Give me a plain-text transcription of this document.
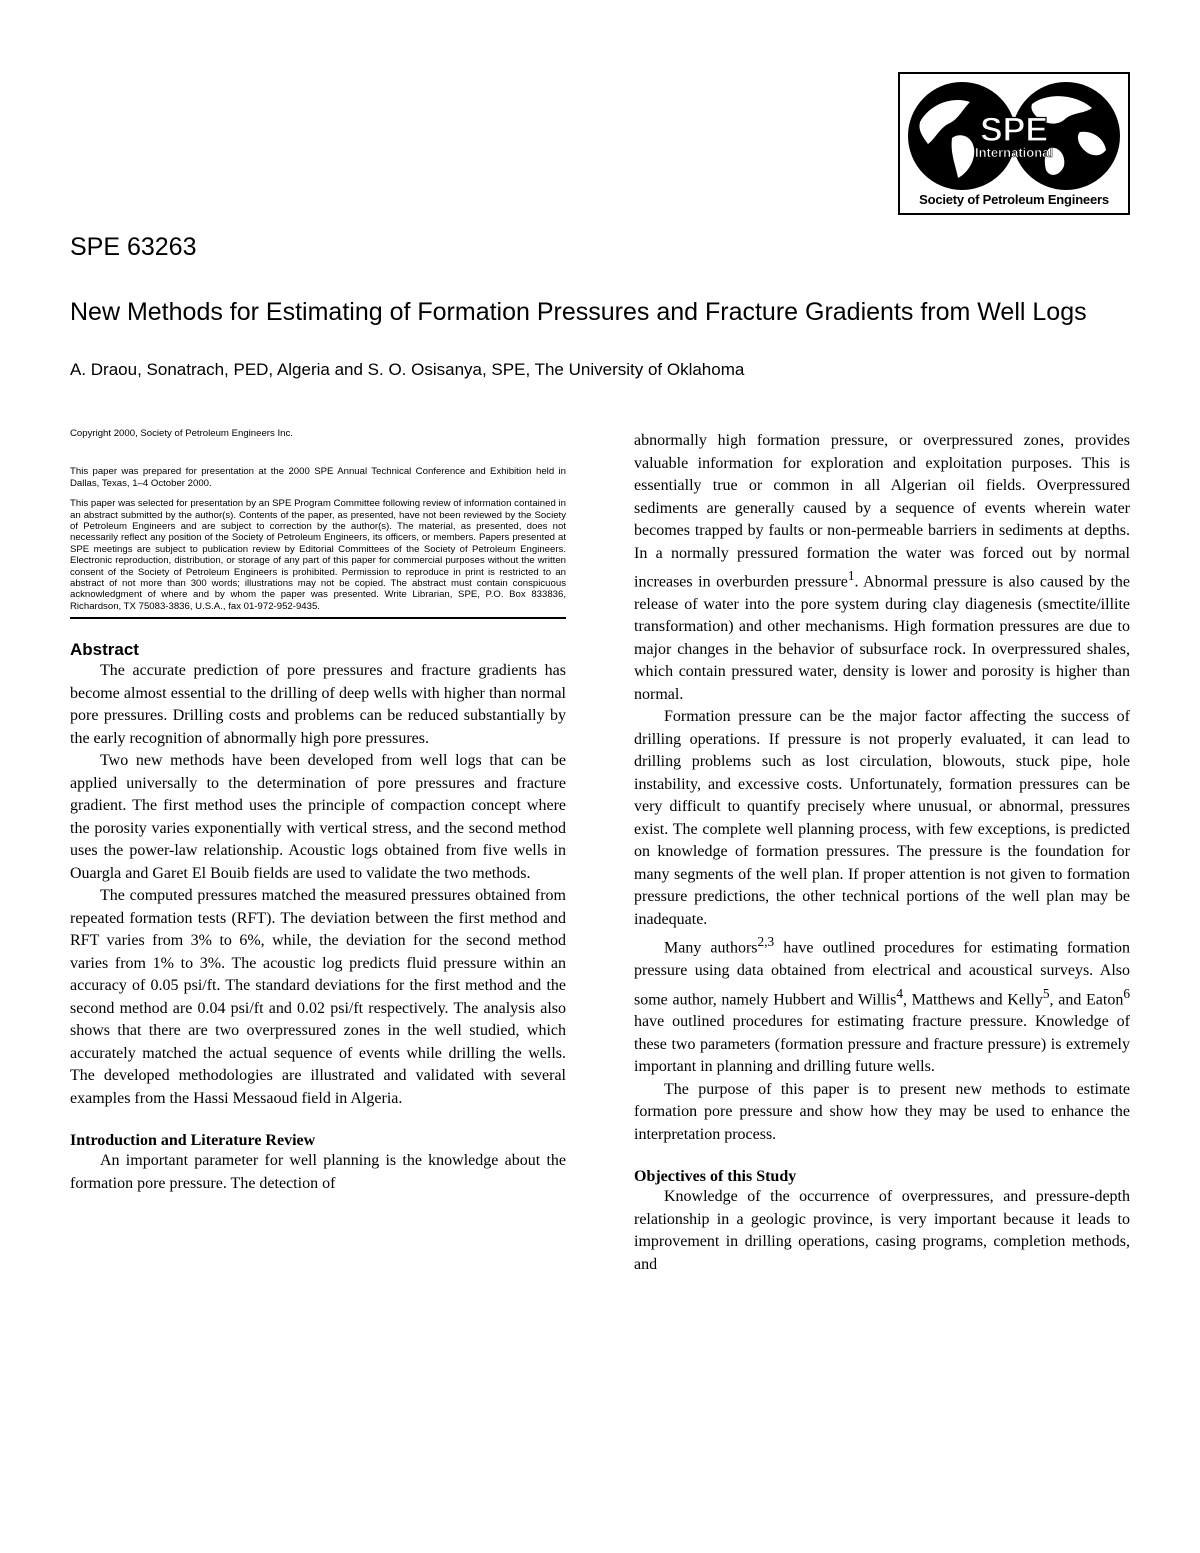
SPE
International
Society of Petroleum Engineers
SPE 63263
New Methods for Estimating of Formation Pressures and Fracture Gradients from Well Logs
A. Draou, Sonatrach, PED, Algeria and S. O. Osisanya, SPE, The University of Oklahoma

Copyright 2000, Society of Petroleum Engineers Inc.

This paper was prepared for presentation at the 2000 SPE Annual Technical Conference and Exhibition held in Dallas, Texas, 1–4 October 2000.

This paper was selected for presentation by an SPE Program Committee following review of information contained in an abstract submitted by the author(s). Contents of the paper, as presented, have not been reviewed by the Society of Petroleum Engineers and are subject to correction by the author(s). The material, as presented, does not necessarily reflect any position of the Society of Petroleum Engineers, its officers, or members. Papers presented at SPE meetings are subject to publication review by Editorial Committees of the Society of Petroleum Engineers. Electronic reproduction, distribution, or storage of any part of this paper for commercial purposes without the written consent of the Society of Petroleum Engineers is prohibited. Permission to reproduce in print is restricted to an abstract of not more than 300 words; illustrations may not be copied. The abstract must contain conspicuous acknowledgment of where and by whom the paper was presented. Write Librarian, SPE, P.O. Box 833836, Richardson, TX 75083-3836, U.S.A., fax 01-972-952-9435.

Abstract

The accurate prediction of pore pressures and fracture gradients has become almost essential to the drilling of deep wells with higher than normal pore pressures. Drilling costs and problems can be reduced substantially by the early recognition of abnormally high pore pressures.

Two new methods have been developed from well logs that can be applied universally to the determination of pore pressures and fracture gradient. The first method uses the principle of compaction concept where the porosity varies exponentially with vertical stress, and the second method uses the power-law relationship. Acoustic logs obtained from five wells in Ouargla and Garet El Bouib fields are used to validate the two methods.

The computed pressures matched the measured pressures obtained from repeated formation tests (RFT). The deviation between the first method and RFT varies from 3% to 6%, while, the deviation for the second method varies from 1% to 3%. The acoustic log predicts fluid pressure within an accuracy of 0.05 psi/ft. The standard deviations for the first method and the second method are 0.04 psi/ft and 0.02 psi/ft respectively. The analysis also shows that there are two overpressured zones in the well studied, which accurately matched the actual sequence of events while drilling the wells. The developed methodologies are illustrated and validated with several examples from the Hassi Messaoud field in Algeria.

Introduction and Literature Review

An important parameter for well planning is the knowledge about the formation pore pressure. The detection of

abnormally high formation pressure, or overpressured zones, provides valuable information for exploration and exploitation purposes. This is essentially true or common in all Algerian oil fields. Overpressured sediments are generally caused by a sequence of events wherein water becomes trapped by faults or non-permeable barriers in sediments at depths. In a normally pressured formation the water was forced out by normal increases in overburden pressure$^1$. Abnormal pressure is also caused by the release of water into the pore system during clay diagenesis (smectite/illite transformation) and other mechanisms. High formation pressures are due to major changes in the behavior of subsurface rock. In overpressured shales, which contain pressured water, density is lower and porosity is higher than normal.

Formation pressure can be the major factor affecting the success of drilling operations. If pressure is not properly evaluated, it can lead to drilling problems such as lost circulation, blowouts, stuck pipe, hole instability, and excessive costs. Unfortunately, formation pressures can be very difficult to quantify precisely where unusual, or abnormal, pressures exist. The complete well planning process, with few exceptions, is predicted on knowledge of formation pressures. The pressure is the foundation for many segments of the well plan. If proper attention is not given to formation pressure predictions, the other technical portions of the well plan may be inadequate.

Many authors$^{2,3}$ have outlined procedures for estimating formation pressure using data obtained from electrical and acoustical surveys. Also some author, namely Hubbert and Willis$^4$, Matthews and Kelly$^5$, and Eaton$^6$ have outlined procedures for estimating fracture pressure. Knowledge of these two parameters (formation pressure and fracture pressure) is extremely important in planning and drilling future wells.

The purpose of this paper is to present new methods to estimate formation pore pressure and show how they may be used to enhance the interpretation process.

Objectives of this Study

Knowledge of the occurrence of overpressures, and pressure-depth relationship in a geologic province, is very important because it leads to improvement in drilling operations, casing programs, completion methods, and
